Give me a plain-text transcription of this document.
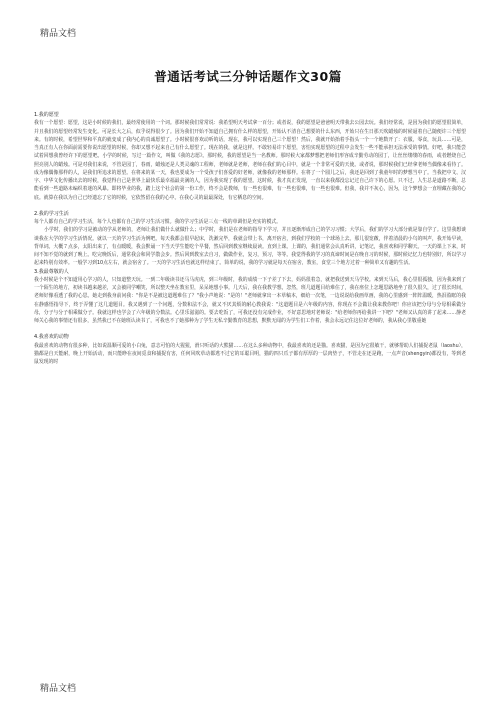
精品文档
普通话考试三分钟话题作文30篇
1.我的愿望

我有一个愿望：愿望，这是小时候的我们，最经常使用的一个词。那时候我们常常说：我希望明天考试拿一百分；或者说，我的愿望是爸爸明天带我去公园去玩。我们经常说，是因为我们的愿望很简单，并且我们的愿望经常发生变化。可是长大之后，似乎说得很少了。因为我们开始不知道自己拥有什么样的愿望，开始认不清自己想要的什么东西，开始只在生日那天吹蜡烛的时候逼着自己随便许三个愿望来。有的时候，希望世界和平真的就变成了我内心的真诚愿望了。小时候很喜欢动听的话，现在，我可以实现自己三个愿望！然后，我就开始抬着手指头一个一个地数开了：衣服，零食，玩具……可是，当真正有人在你面前需要你说出愿望的时候，你却又想不起来自己有什么愿望了。现在的我，就是这样。不敢轻易许下愿望，害怕实现愿望的过程中会发生一些不能承担无法承受的事情。好吧，我只能尝试着回想我曾经许下的愿望吧。小学的时候，写过一篇作文，叫做《我的志愿》。那时候，我的愿望是当一名教师。那时候大家都梦想把老师们形容成辛勤劳动的园丁，让丝丝缕缕的春雨，或者燃烧自己照亮别人的蜡烛。可是对我们来说，不管是园丁，春雨，蜡烛还是人类灵魂的工程师，老师就是老师，老师在我们的心目中，就是一个非常可爱的天使。或者说，那时候我们已经拿老师当偶像来看待了。成为像偶像那样的人，是我们所追求的愿望。在将来的某一天，我也要成为一个受孩子们喜爱的好老师，就像我的老师那样。在将了一个圆儿之后，我还是回到了我童年时的梦想当中了。当我把中文、汉字、中华文化传播出去的时候，我觉得自己是世界上最快乐最幸福最美满的人，因为我实现了我的愿望。这时候，我才真正发现，一直以来我都没忘记过自己许下的心愿。只不过，人生总是道路不断，总能看到一些道路未编织着迷的风暴。即将毕业的我，踏上这个社会的第一份工作，终不会是教师，有一些也很难，有一些也很难，有一些也很难。但我，我并不灰心，因为，这个梦想会一直埋藏在我的心底。就算在我以为自己已经遗忘了它的时候，它依然留在我的心中。在我心灵的最最深处，有它栖息的空间。

2.我的学习生活

每个人都有自己的学习生活，每个人也都有自己的学习生活习惯。我的学习生活是三点一线的单调但是充实的模式。

小学时，我们的学习是被动的学从老师的，老师让我们做什么就做什么；中学时，我们是在老师的指导下学习，并且逐渐形成自己的学习习惯；大学后，我们的学习大部分就是靠自学了。这里我想谈谈我在大学的学习生活情况。就以一天的学习生活为例吧。每天我都会很早起床，洗漱完毕，我就会带上书，离开宿舍，到我们学校的一个球场上去。那儿很宽敞，伴着清晨的小鸟的叫声，我开始早读，背单词。大概７点多，太阳出来了，有点暖暖，我会默诵一下当天学生能吃个早餐，然后回到教室继续晨读。直到上课。上课的，我们通常会认真听讲，记笔记，我喜欢和同学聊天。一天的课上下来，时间不知不觉的就到了晚上。吃完晚饭后，通常我会和同学散会步。然后回到教室去自习，做做作业，复习，预习，等等。我觉得我的学习的真谛时间是在晚自习的时候，那时候记忆力也特别好，所以学习起来特别有效率。一般学习到10点左右，就会宿舍了。一天的学习生活也就这样结束了。简单的说，我的学习就是每天在宿舍，教室，食堂三个地方过着一种简单又有趣的生活。

3.我最尊敬的人

我小时候是个不知道用心学习的人，只知道整天玩。一到二年级读书还马马虎虎，到三年级时，我的成绩一下子差了下去，妈妈很着急，就把我送到天马学校。来到天马后，我心里很孤独，因为我来到了一个陌生的地方，初读书越来越差，又会被同学嘲笑，所以整天坐在教室里，呆呆地想小事。几天后，我在我教学想，忽然，班几道题目给难住了，我在座位上怎题思路地坐了很久很久，过了很长时间，老师好像看透了我的心思。她走到我身前问我："你是不是被这道题难住了？"我小声地说："是的！"老师就拿出一本草稿本，细给一次笔，一边说说给我画草画，我的心里感到一阵阵温暖，热泪盈眶的我在静感悟指导下，终于弄懂了这几道题目。我又遇到了一个问题，分数和法不会，就又不厌其烦的耐心教我说："这道题目是六年级的内容，你现在不会做让我来教你吧！你应该把分母与分母相乘做分母，分子与分子相乘做分子。我就这样也学会了六年级的分数法。心里乐滋滋的。要去吃饭了，可我还没有完成作业，不好意思地对老师说："给老师你再给我讲一下吧？"老师又认真的讲了起来……静老师关心我的事情还有很多，虽然我已不在她班认读书了，可我也不了她那种为了学生无私辛勤教育的思想，默默无闻的为学生们工作着，我会永远记住这位好老师的，我从我心里敬重她

4.我喜欢的动物

我最喜欢的动物有很多种，比如说温顺可爱的小白兔，意志可怕的大猩猩，滑只听话的大熊猫……在这么多种动物中，我最喜欢的还是猫。喜欢猫，是因为它很敏干，就够帮助人们捕捉老鼠（laoshu），猫都是自天能耐，晚上开始活动，而只能睁在夜间觅食和捕捉有害，任何风吹草动都逃不过它的耳聪目明，猫的四只爪子都有厚厚的一层肉垫子，不管走在还是跑，一点声音(shengyin)都没有，等到老鼠发现的时

精品文档
